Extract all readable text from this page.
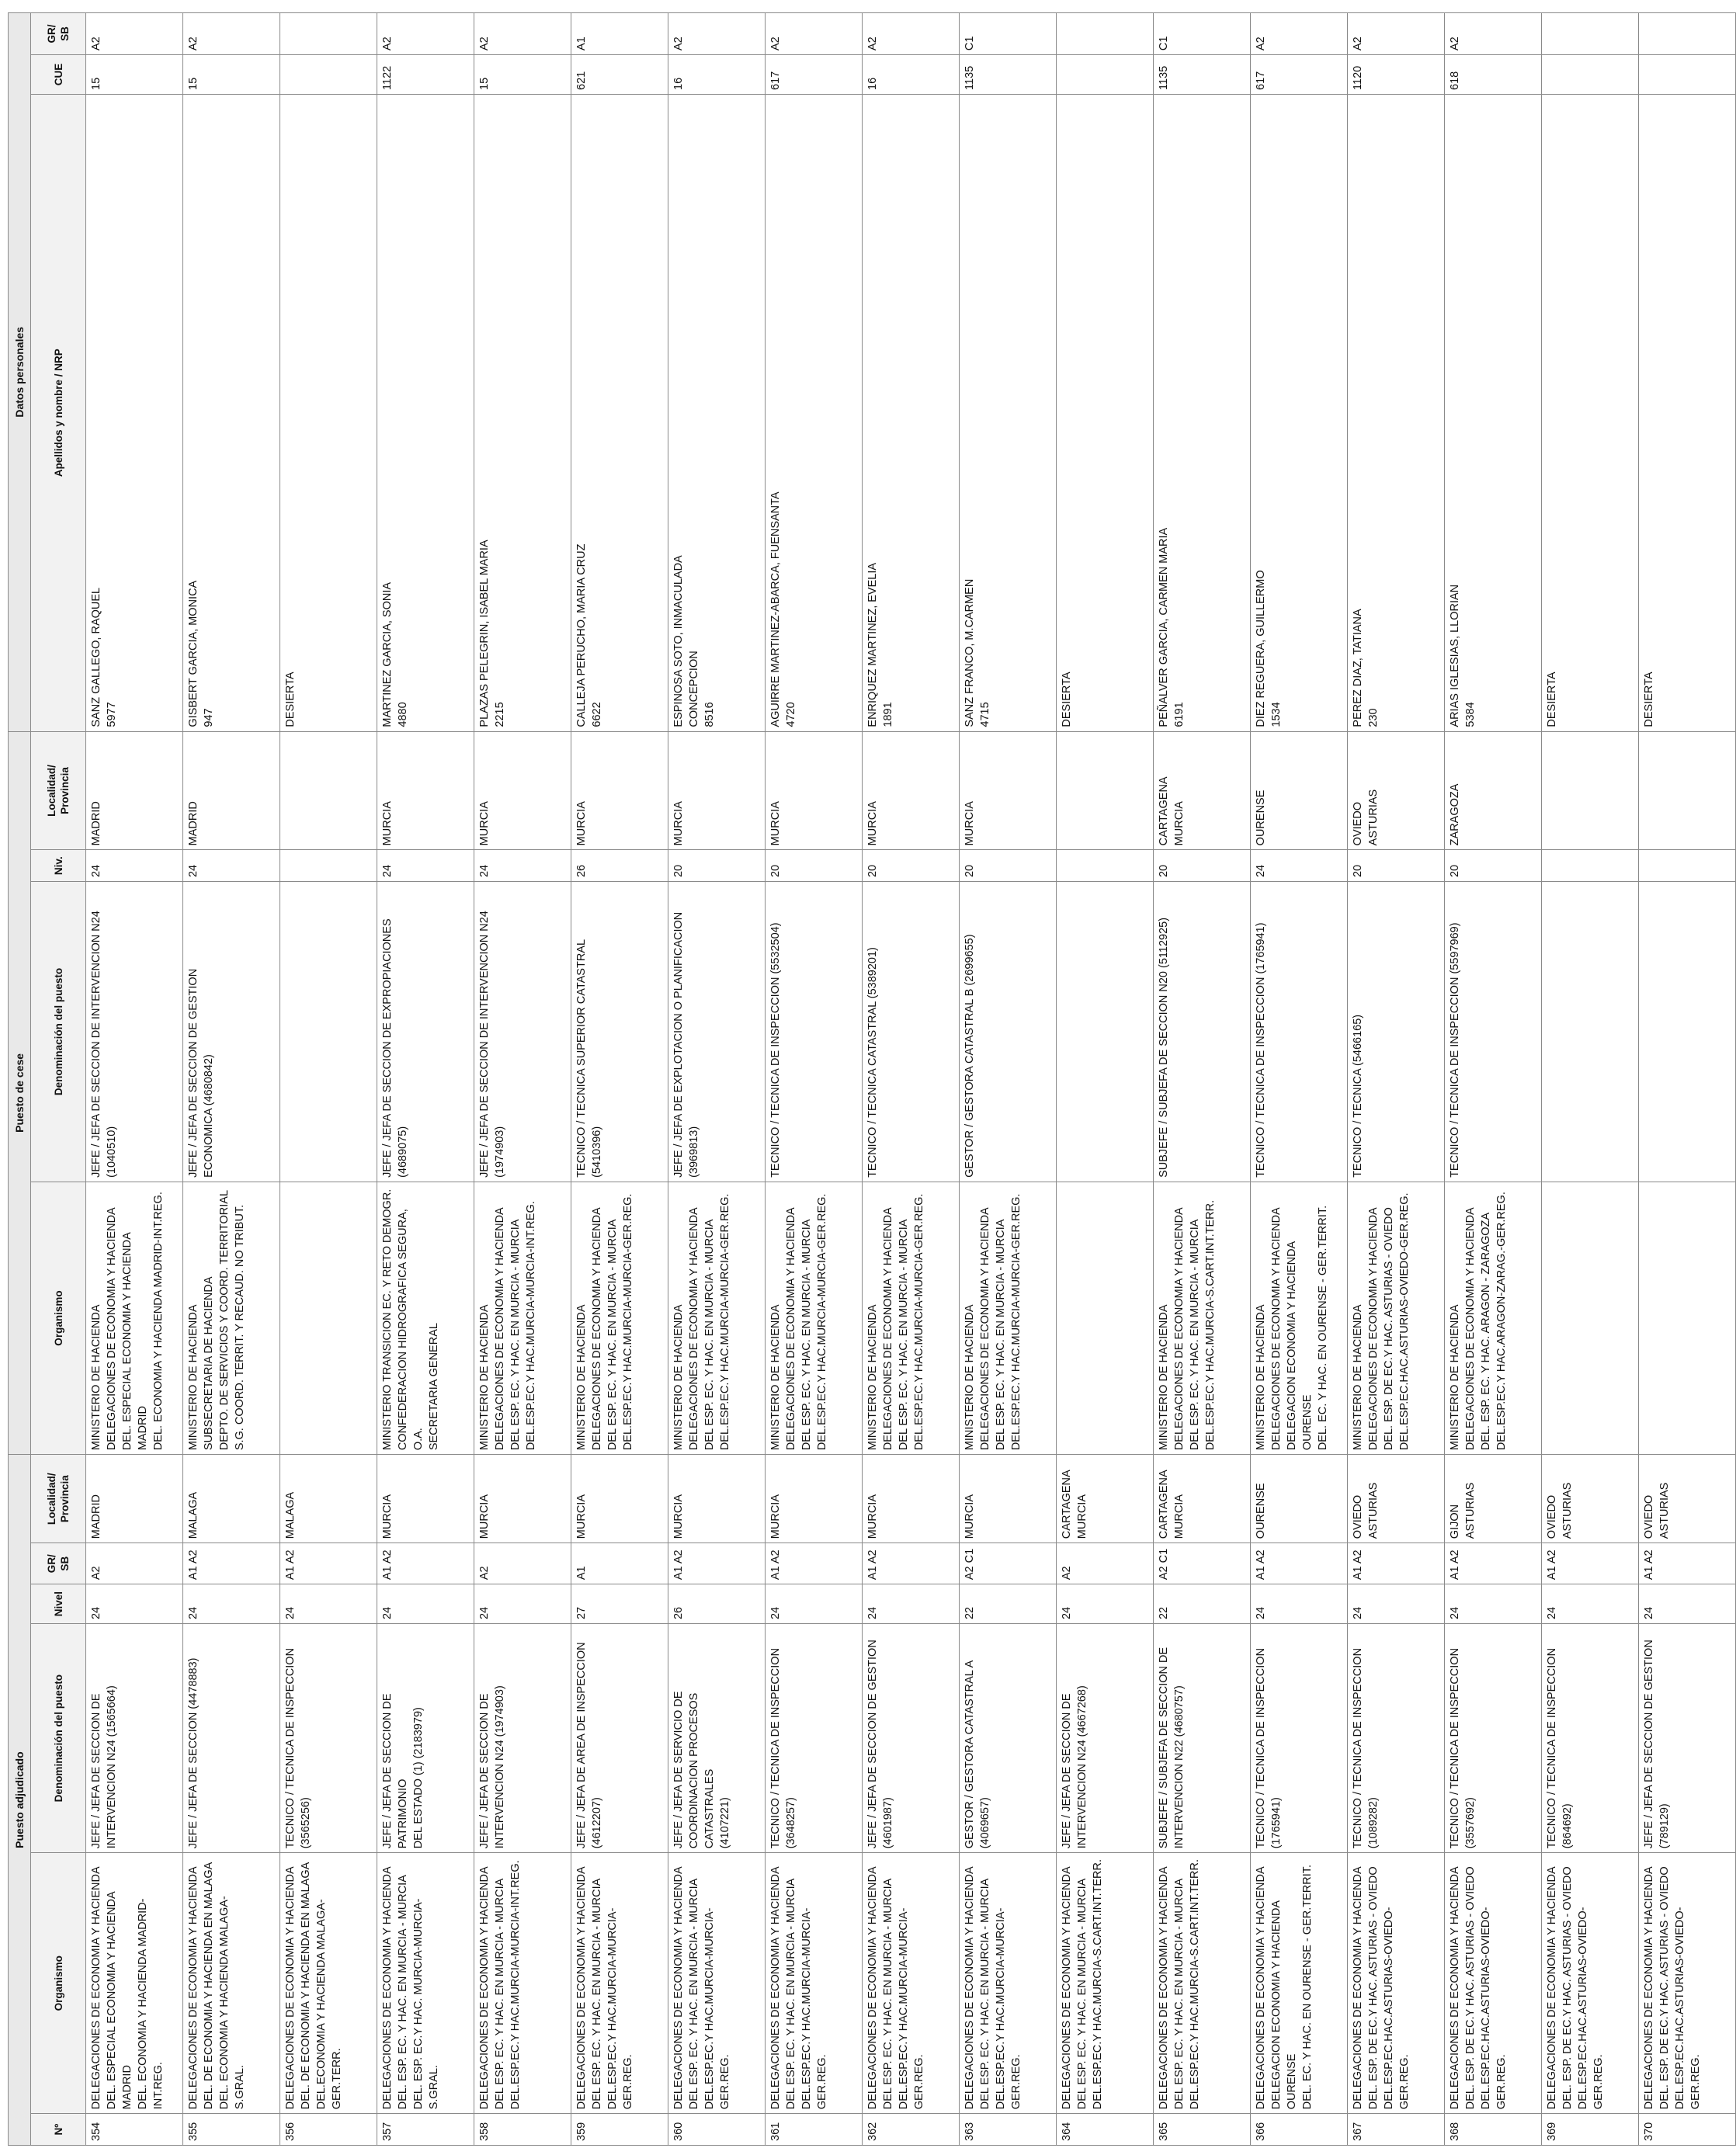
Puesto adjudicado						Puesto de cese				Datos personales		
Nº	Organismo	Denominación del puesto	Nivel	GR/
SB	Localidad/
Provincia	Organismo	Denominación del puesto	Niv.	Localidad/
Provincia	Apellidos y nombre / NRP	CUE	GR/
SB
354	DELEGACIONES DE ECONOMIA Y HACIENDA
DEL. ESPECIAL ECONOMIA Y HACIENDA MADRID
DEL. ECONOMIA Y HACIENDA MADRID-INT.REG.	JEFE / JEFA DE SECCION DE
INTERVENCION N24 (1565664)	24	A2	MADRID	MINISTERIO DE HACIENDA
DELEGACIONES DE ECONOMIA Y HACIENDA
DEL. ESPECIAL ECONOMIA Y HACIENDA MADRID
DEL. ECONOMIA Y HACIENDA MADRID-INT.REG.	JEFE / JEFA DE SECCION DE INTERVENCION N24
(1040510)	24	MADRID	SANZ GALLEGO, RAQUEL
5977	15	A2
355	DELEGACIONES DE ECONOMIA Y HACIENDA
DEL. DE ECONOMIA Y HACIENDA EN MALAGA
DEL. ECONOMIA Y HACIENDA MALAGA-S.GRAL.	JEFE / JEFA DE SECCION (4478883)	24	A1 A2	MALAGA	MINISTERIO DE HACIENDA
SUBSECRETARIA DE HACIENDA
DEPTO. DE SERVICIOS Y COORD. TERRITORIAL
S.G. COORD. TERRIT. Y RECAUD. NO TRIBUT.	JEFE / JEFA DE SECCION DE GESTION
ECONOMICA (4680842)	24	MADRID	GISBERT GARCIA, MONICA
947	15	A2
356	DELEGACIONES DE ECONOMIA Y HACIENDA
DEL. DE ECONOMIA Y HACIENDA EN MALAGA
DEL.ECONOMIA Y HACIENDA MALAGA-GER.TERR.	TECNICO / TECNICA DE INSPECCION
(3565256)	24	A1 A2	MALAGA					DESIERTA		
357	DELEGACIONES DE ECONOMIA Y HACIENDA
DEL. ESP. EC. Y HAC. EN MURCIA - MURCIA
DEL. ESP. EC.Y HAC. MURCIA-MURCIA-S.GRAL.	JEFE / JEFA DE SECCION DE PATRIMONIO
DEL ESTADO (1) (2183979)	24	A1 A2	MURCIA	MINISTERIO TRANSICION EC. Y RETO DEMOGR.
CONFEDERACION HIDROGRAFICA SEGURA, O.A.
SECRETARIA GENERAL	JEFE / JEFA DE SECCION DE EXPROPIACIONES
(4689075)	24	MURCIA	MARTINEZ GARCIA, SONIA
4880	1122	A2
358	DELEGACIONES DE ECONOMIA Y HACIENDA
DEL ESP. EC. Y HAC. EN MURCIA - MURCIA
DEL.ESP.EC.Y HAC.MURCIA-MURCIA-INT.REG.	JEFE / JEFA DE SECCION DE
INTERVENCION N24 (1974903)	24	A2	MURCIA	MINISTERIO DE HACIENDA
DELEGACIONES DE ECONOMIA Y HACIENDA
DEL ESP. EC. Y HAC. EN MURCIA - MURCIA
DEL.ESP.EC.Y HAC.MURCIA-MURCIA-INT.REG.	JEFE / JEFA DE SECCION DE INTERVENCION N24
(1974903)	24	MURCIA	PLAZAS PELEGRIN, ISABEL MARIA
2215	15	A2
359	DELEGACIONES DE ECONOMIA Y HACIENDA
DEL ESP. EC. Y HAC. EN MURCIA - MURCIA
DEL.ESP.EC.Y HAC.MURCIA-MURCIA-GER.REG.	JEFE / JEFA DE AREA DE INSPECCION
(4612207)	27	A1	MURCIA	MINISTERIO DE HACIENDA
DELEGACIONES DE ECONOMIA Y HACIENDA
DEL ESP. EC. Y HAC. EN MURCIA - MURCIA
DEL.ESP.EC.Y HAC.MURCIA-MURCIA-GER.REG.	TECNICO / TECNICA SUPERIOR CATASTRAL
(5410396)	26	MURCIA	CALLEJA PERUCHO, MARIA CRUZ
6622	621	A1
360	DELEGACIONES DE ECONOMIA Y HACIENDA
DEL ESP. EC. Y HAC. EN MURCIA - MURCIA
DEL.ESP.EC.Y HAC.MURCIA-MURCIA-GER.REG.	JEFE / JEFA DE SERVICIO DE
COORDINACION PROCESOS CATASTRALES
(4107221)	26	A1 A2	MURCIA	MINISTERIO DE HACIENDA
DELEGACIONES DE ECONOMIA Y HACIENDA
DEL ESP. EC. Y HAC. EN MURCIA - MURCIA
DEL.ESP.EC.Y HAC.MURCIA-MURCIA-GER.REG.	JEFE / JEFA DE EXPLOTACION O PLANIFICACION
(3969813)	20	MURCIA	ESPINOSA SOTO, INMACULADA
CONCEPCION
8516	16	A2
361	DELEGACIONES DE ECONOMIA Y HACIENDA
DEL ESP. EC. Y HAC. EN MURCIA - MURCIA
DEL.ESP.EC.Y HAC.MURCIA-MURCIA-GER.REG.	TECNICO / TECNICA DE INSPECCION
(3648257)	24	A1 A2	MURCIA	MINISTERIO DE HACIENDA
DELEGACIONES DE ECONOMIA Y HACIENDA
DEL ESP. EC. Y HAC. EN MURCIA - MURCIA
DEL.ESP.EC.Y HAC.MURCIA-MURCIA-GER.REG.	TECNICO / TECNICA DE INSPECCION (5532504)	20	MURCIA	AGUIRRE MARTINEZ-ABARCA, FUENSANTA
4720	617	A2
362	DELEGACIONES DE ECONOMIA Y HACIENDA
DEL ESP. EC. Y HAC. EN MURCIA - MURCIA
DEL.ESP.EC.Y HAC.MURCIA-MURCIA-GER.REG.	JEFE / JEFA DE SECCION DE GESTION
(4601987)	24	A1 A2	MURCIA	MINISTERIO DE HACIENDA
DELEGACIONES DE ECONOMIA Y HACIENDA
DEL ESP. EC. Y HAC. EN MURCIA - MURCIA
DEL.ESP.EC.Y HAC.MURCIA-MURCIA-GER.REG.	TECNICO / TECNICA CATASTRAL (5389201)	20	MURCIA	ENRIQUEZ MARTINEZ, EVELIA
1891	16	A2
363	DELEGACIONES DE ECONOMIA Y HACIENDA
DEL ESP. EC. Y HAC. EN MURCIA - MURCIA
DEL.ESP.EC.Y HAC.MURCIA-MURCIA-GER.REG.	GESTOR / GESTORA CATASTRAL A
(4069657)	22	A2 C1	MURCIA	MINISTERIO DE HACIENDA
DELEGACIONES DE ECONOMIA Y HACIENDA
DEL ESP. EC. Y HAC. EN MURCIA - MURCIA
DEL.ESP.EC.Y HAC.MURCIA-MURCIA-GER.REG.	GESTOR / GESTORA CATASTRAL B (2699655)	20	MURCIA	SANZ FRANCO, M.CARMEN
4715	1135	C1
364	DELEGACIONES DE ECONOMIA Y HACIENDA
DEL ESP. EC. Y HAC. EN MURCIA - MURCIA
DEL.ESP.EC.Y HAC.MURCIA-S.CART.INT.TERR.	JEFE / JEFA DE SECCION DE
INTERVENCION N24 (4667268)	24	A2	CARTAGENA
MURCIA					DESIERTA		
365	DELEGACIONES DE ECONOMIA Y HACIENDA
DEL ESP. EC. Y HAC. EN MURCIA - MURCIA
DEL.ESP.EC.Y HAC.MURCIA-S.CART.INT.TERR.	SUBJEFE / SUBJEFA DE SECCION DE
INTERVENCION N22 (4680757)	22	A2 C1	CARTAGENA
MURCIA	MINISTERIO DE HACIENDA
DELEGACIONES DE ECONOMIA Y HACIENDA
DEL ESP. EC. Y HAC. EN MURCIA - MURCIA
DEL.ESP.EC.Y HAC.MURCIA-S.CART.INT.TERR.	SUBJEFE / SUBJEFA DE SECCION N20 (5112925)	20	CARTAGENA
MURCIA	PEÑALVER GARCIA, CARMEN MARIA
6191	1135	C1
366	DELEGACIONES DE ECONOMIA Y HACIENDA
DELEGACION ECONOMIA Y HACIENDA OURENSE
DEL. EC. Y HAC. EN OURENSE - GER.TERRIT.	TECNICO / TECNICA DE INSPECCION
(1765941)	24	A1 A2	OURENSE	MINISTERIO DE HACIENDA
DELEGACIONES DE ECONOMIA Y HACIENDA
DELEGACION ECONOMIA Y HACIENDA OURENSE
DEL. EC. Y HAC. EN OURENSE - GER.TERRIT.	TECNICO / TECNICA DE INSPECCION (1765941)	24	OURENSE	DIEZ REGUERA, GUILLERMO
1534	617	A2
367	DELEGACIONES DE ECONOMIA Y HACIENDA
DEL. ESP. DE EC.Y HAC. ASTURIAS - OVIEDO
DEL.ESP.EC.HAC.ASTURIAS-OVIEDO-GER.REG.	TECNICO / TECNICA DE INSPECCION
(1089282)	24	A1 A2	OVIEDO
ASTURIAS	MINISTERIO DE HACIENDA
DELEGACIONES DE ECONOMIA Y HACIENDA
DEL. ESP. DE EC.Y HAC. ASTURIAS - OVIEDO
DEL.ESP.EC.HAC.ASTURIAS-OVIEDO-GER.REG.	TECNICO / TECNICA (5466165)	20	OVIEDO
ASTURIAS	PEREZ DIAZ, TATIANA
230	1120	A2
368	DELEGACIONES DE ECONOMIA Y HACIENDA
DEL. ESP. DE EC.Y HAC. ASTURIAS - OVIEDO
DEL.ESP.EC.HAC.ASTURIAS-OVIEDO-GER.REG.	TECNICO / TECNICA DE INSPECCION
(3557692)	24	A1 A2	GIJON
ASTURIAS	MINISTERIO DE HACIENDA
DELEGACIONES DE ECONOMIA Y HACIENDA
DEL. ESP. EC. Y HAC. ARAGON - ZARAGOZA
DEL.ESP.EC.Y HAC.ARAGON-ZARAG.-GER.REG.	TECNICO / TECNICA DE INSPECCION (5597969)	20	ZARAGOZA	ARIAS IGLESIAS, LLORIAN
5384	618	A2
369	DELEGACIONES DE ECONOMIA Y HACIENDA
DEL. ESP. DE EC.Y HAC. ASTURIAS - OVIEDO
DEL.ESP.EC.HAC.ASTURIAS-OVIEDO-GER.REG.	TECNICO / TECNICA DE INSPECCION
(864692)	24	A1 A2	OVIEDO
ASTURIAS					DESIERTA		
370	DELEGACIONES DE ECONOMIA Y HACIENDA
DEL. ESP. DE EC.Y HAC. ASTURIAS - OVIEDO
DEL.ESP.EC.HAC.ASTURIAS-OVIEDO-GER.REG.	JEFE / JEFA DE SECCION DE GESTION
(789129)	24	A1 A2	OVIEDO
ASTURIAS					DESIERTA		
